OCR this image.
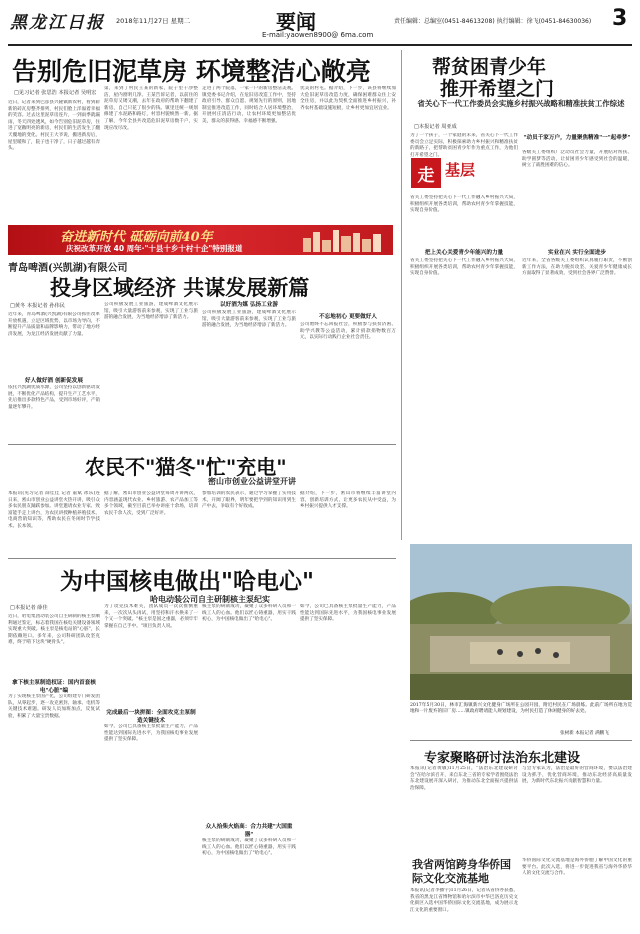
黑龙江日报 2018年11月27日 星期二	要闻
E-mail:yaowen8900@ 6ma.com
责任编辑：总编室(0451-84613208) 执行编辑：徐飞(0451-84630036) 3
告别危旧泥草房 环境整洁心敞亮
□见习记者 张思浩 本报记者 吴明宏
近日，记者来到巴彦县兴隆镇新农村，看到崭新的砖瓦房整齐排列，村民们脸上洋溢着幸福的笑容。过去这里泥草房连片，一到雨季就漏雨，冬天四处透风，如今告别危旧泥草房，住进了宽敞明亮的新房，村民们的生活发生了翻天覆地的变化。村民王大爷说，搬进新房后，屋里暖和了，院子也干净了，日子越过越有奔头。
第，来到了村民王某的新家，院子里干净整洁，屋内窗明几净。王某告诉记者，以前住的泥草房又矮又潮，去年在政府的帮助下翻建了新房，自己只花了很少的钱。镇里还统一规划修建了水泥路和路灯，村容村貌焕然一新。据了解，今年全县共改造危旧泥草房数千户，实现应改尽改。
走进了两个院落，一家一户的新房整洁美观。镇党委书记介绍，在危旧房改造工作中，坚持政府引导、群众自愿、规划先行的原则，因地制宜推进改造工作，同时结合人居环境整治，开展村庄清洁行动，让农村环境更加整洁优美，群众的获得感、幸福感不断增强。
优美的村屯。据介绍，下一步，该县将继续加大危旧泥草房改造力度，确保困难群众住上安全住房，并以此为契机全面推进乡村振兴，补齐农村基础设施短板，让乡村更加宜居宜业。
走 基层
奋进新时代 砥砺向前40年
庆祝改革开放 40 周年·"十县十乡十村十企"特别报道
青岛啤酒(兴凯湖)有限公司
投身区域经济 共谋发展新篇
□黄冬 本报记者 孙伟民
近年来，青岛啤酒(兴凯湖)有限公司抓住改革开放机遇，立足区域优势，以市场为导向，不断提升产品质量和品牌影响力，带动了地方经济发展，为龙江经济发展贡献了力量。
好人做好酒 创新促发展
依托兴凯湖优质水源，公司坚持以创新驱动发展，不断优化产品结构，提升生产工艺水平，先后推出多款特色产品，受到市场好评，产销量逐年攀升。
公司积极发展工业旅游，建成啤酒文化展示馆，吸引大量游客前来参观，实现了工业与旅游的融合发展，为当地经济增添了新活力。
以好酒为媒 弘扬工业游
公司积极发展工业旅游，建成啤酒文化展示馆，吸引大量游客前来参观，实现了工业与旅游的融合发展，为当地经济增添了新活力。
不忘地初心 更要做好人
公司始终不忘回报社会，积极参与扶贫济困、助学兴教等公益活动，累计捐款捐物数百万元，以实际行动践行企业社会责任。
农民不"猫冬"忙"充电"
密山市创业公益讲堂开讲
本报讯(见习记者 薛佳佳 记者 董斌 冰乐)连日来，密山市创业公益讲堂火热开讲，吸引众多农民朋友踊跃参加。讲堂邀请农业专家、致富能手走上讲台，为农民讲授种植养殖技术、电商营销知识等，帮助农民在冬闲时节学技术、长本领。
据了解，密山市创业公益讲堂每周开讲两次，内容涵盖现代农业、乡村旅游、农产品加工等多个领域，截至目前已举办讲座十余场，培训农民千余人次，受到广泛好评。
参加培训的农民表示，通过学习掌握了实用技术，开阔了眼界，明年要把学到的知识用到生产中去，争取有个好收成。
据介绍，下一步，密山市将继续丰富讲堂内容，创新培训方式，让更多农民从中受益，为乡村振兴提供人才支撑。
为中国核电做出"哈电心"
哈电动装公司自主研制核主泵纪实
□本报记者 薛佳
近日，哈电集团动装公司自主研制的核主泵顺利通过鉴定，标志着我国在核电关键设备领域实现重大突破。核主泵是核电站的"心脏"，长期依赖进口。多年来，公司科研团队攻坚克难，终于啃下这块"硬骨头"。
拿下核主泵制造权证：国内首套核电"心脏"编
为了实现核主泵国产化，公司组建专门研发团队，从零起步，逐一攻克密封、轴承、电机等关键技术难题。研发人员加班加点，反复试验，积累了大量宝贵数据。
为了攻克技术难关，团队成员一次次推倒重来，一次次从头再试，用坚持和汗水换来了一个又一个突破。"核主泵是国之重器，必须牢牢掌握在自己手中。"项目负责人说。
完成最后一块拼图：全面攻克主泵制造关键技术
如今，公司已具备核主泵批量生产能力，产品性能达到国际先进水平，为我国核电事业发展提供了坚实保障。
核主泵的研制成功，凝聚了众多科研人员和一线工人的心血。他们以匠心铸重器，用实干践初心，为中国核电做出了"哈电心"。
众人拾柴火焰高：合力共建"大国重器"
核主泵的研制成功，凝聚了众多科研人员和一线工人的心血。他们以匠心铸重器，用实干践初心，为中国核电做出了"哈电心"。
如今，公司已具备核主泵批量生产能力，产品性能达到国际先进水平，为我国核电事业发展提供了坚实保障。
帮贫困青少年
推开希望之门
省关心下一代工作委员会实施乡村振兴战略和精准扶贫工作综述
□本报记者 周亚成
为了一个孩子，一个家庭的未来，省关心下一代工作委员会立足实际，积极探索助力乡村振兴和精准扶贫的新路子，把帮助贫困青少年作为重点工作，为他们打开希望之门。
"动员千家万户，力量聚焦精准"一"起牵梦"
各级关工委组织广泛动员社会力量，开展结对帮扶、助学圆梦等活动，让贫困青少年感受到社会的温暖，树立了战胜困难的信心。
省关工委坚持把关心下一代工作融入乡村振兴大局，积极组织开展各类培训，帮助农村青少年掌握技能，实现自身价值。
把上关心关爱青少年能兴的力量
省关工委坚持把关心下一代工作融入乡村振兴大局，积极组织开展各类培训，帮助农村青少年掌握技能，实现自身价值。
实业在兴 实行全面进步
近年来，全省各级关工委组织认真履行职责，不断创新工作方法，在助力脱贫攻坚、关爱青少年健康成长方面取得了显著成效，受到社会各界广泛赞誉。
2017年5月30日，林市汇海镇新兴文化健身广场所在公园开园，附近村民在广场晨练。此前广场所在地为荒地和一片废弃的旧厂房……镇政府聘请能人规划建设，为村民打造了休闲健身的好去处。
张树新 本报记者 满鹏飞
专家聚略研讨法治东北建设
本报讯(记者黄敏)11月25日，"法治东北建设研讨会"在哈尔滨召开，来自东北三省的专家学者围绕法治东北建设展开深入研讨，为推动东北全面振兴提供法治保障。
与会专家认为，法治是最好的营商环境，要以法治建设为抓手，优化营商环境，推动东北经济高质量发展，为新时代东北振兴贡献智慧和力量。
我省两馆跨身华侨国际文化交流基地
本报讯(记者李播宇)11月26日，记者从省侨办获悉，我省的黑龙江省博物馆和哈尔滨市中华巴洛克历史文化街区入选中国华侨国际文化交流基地，成为展示龙江文化的重要窗口。
华侨国际文化交流基地是海外侨胞了解中国文化的重要平台。此次入选，将进一步促进我省与海外华侨华人的文化交流与合作。
